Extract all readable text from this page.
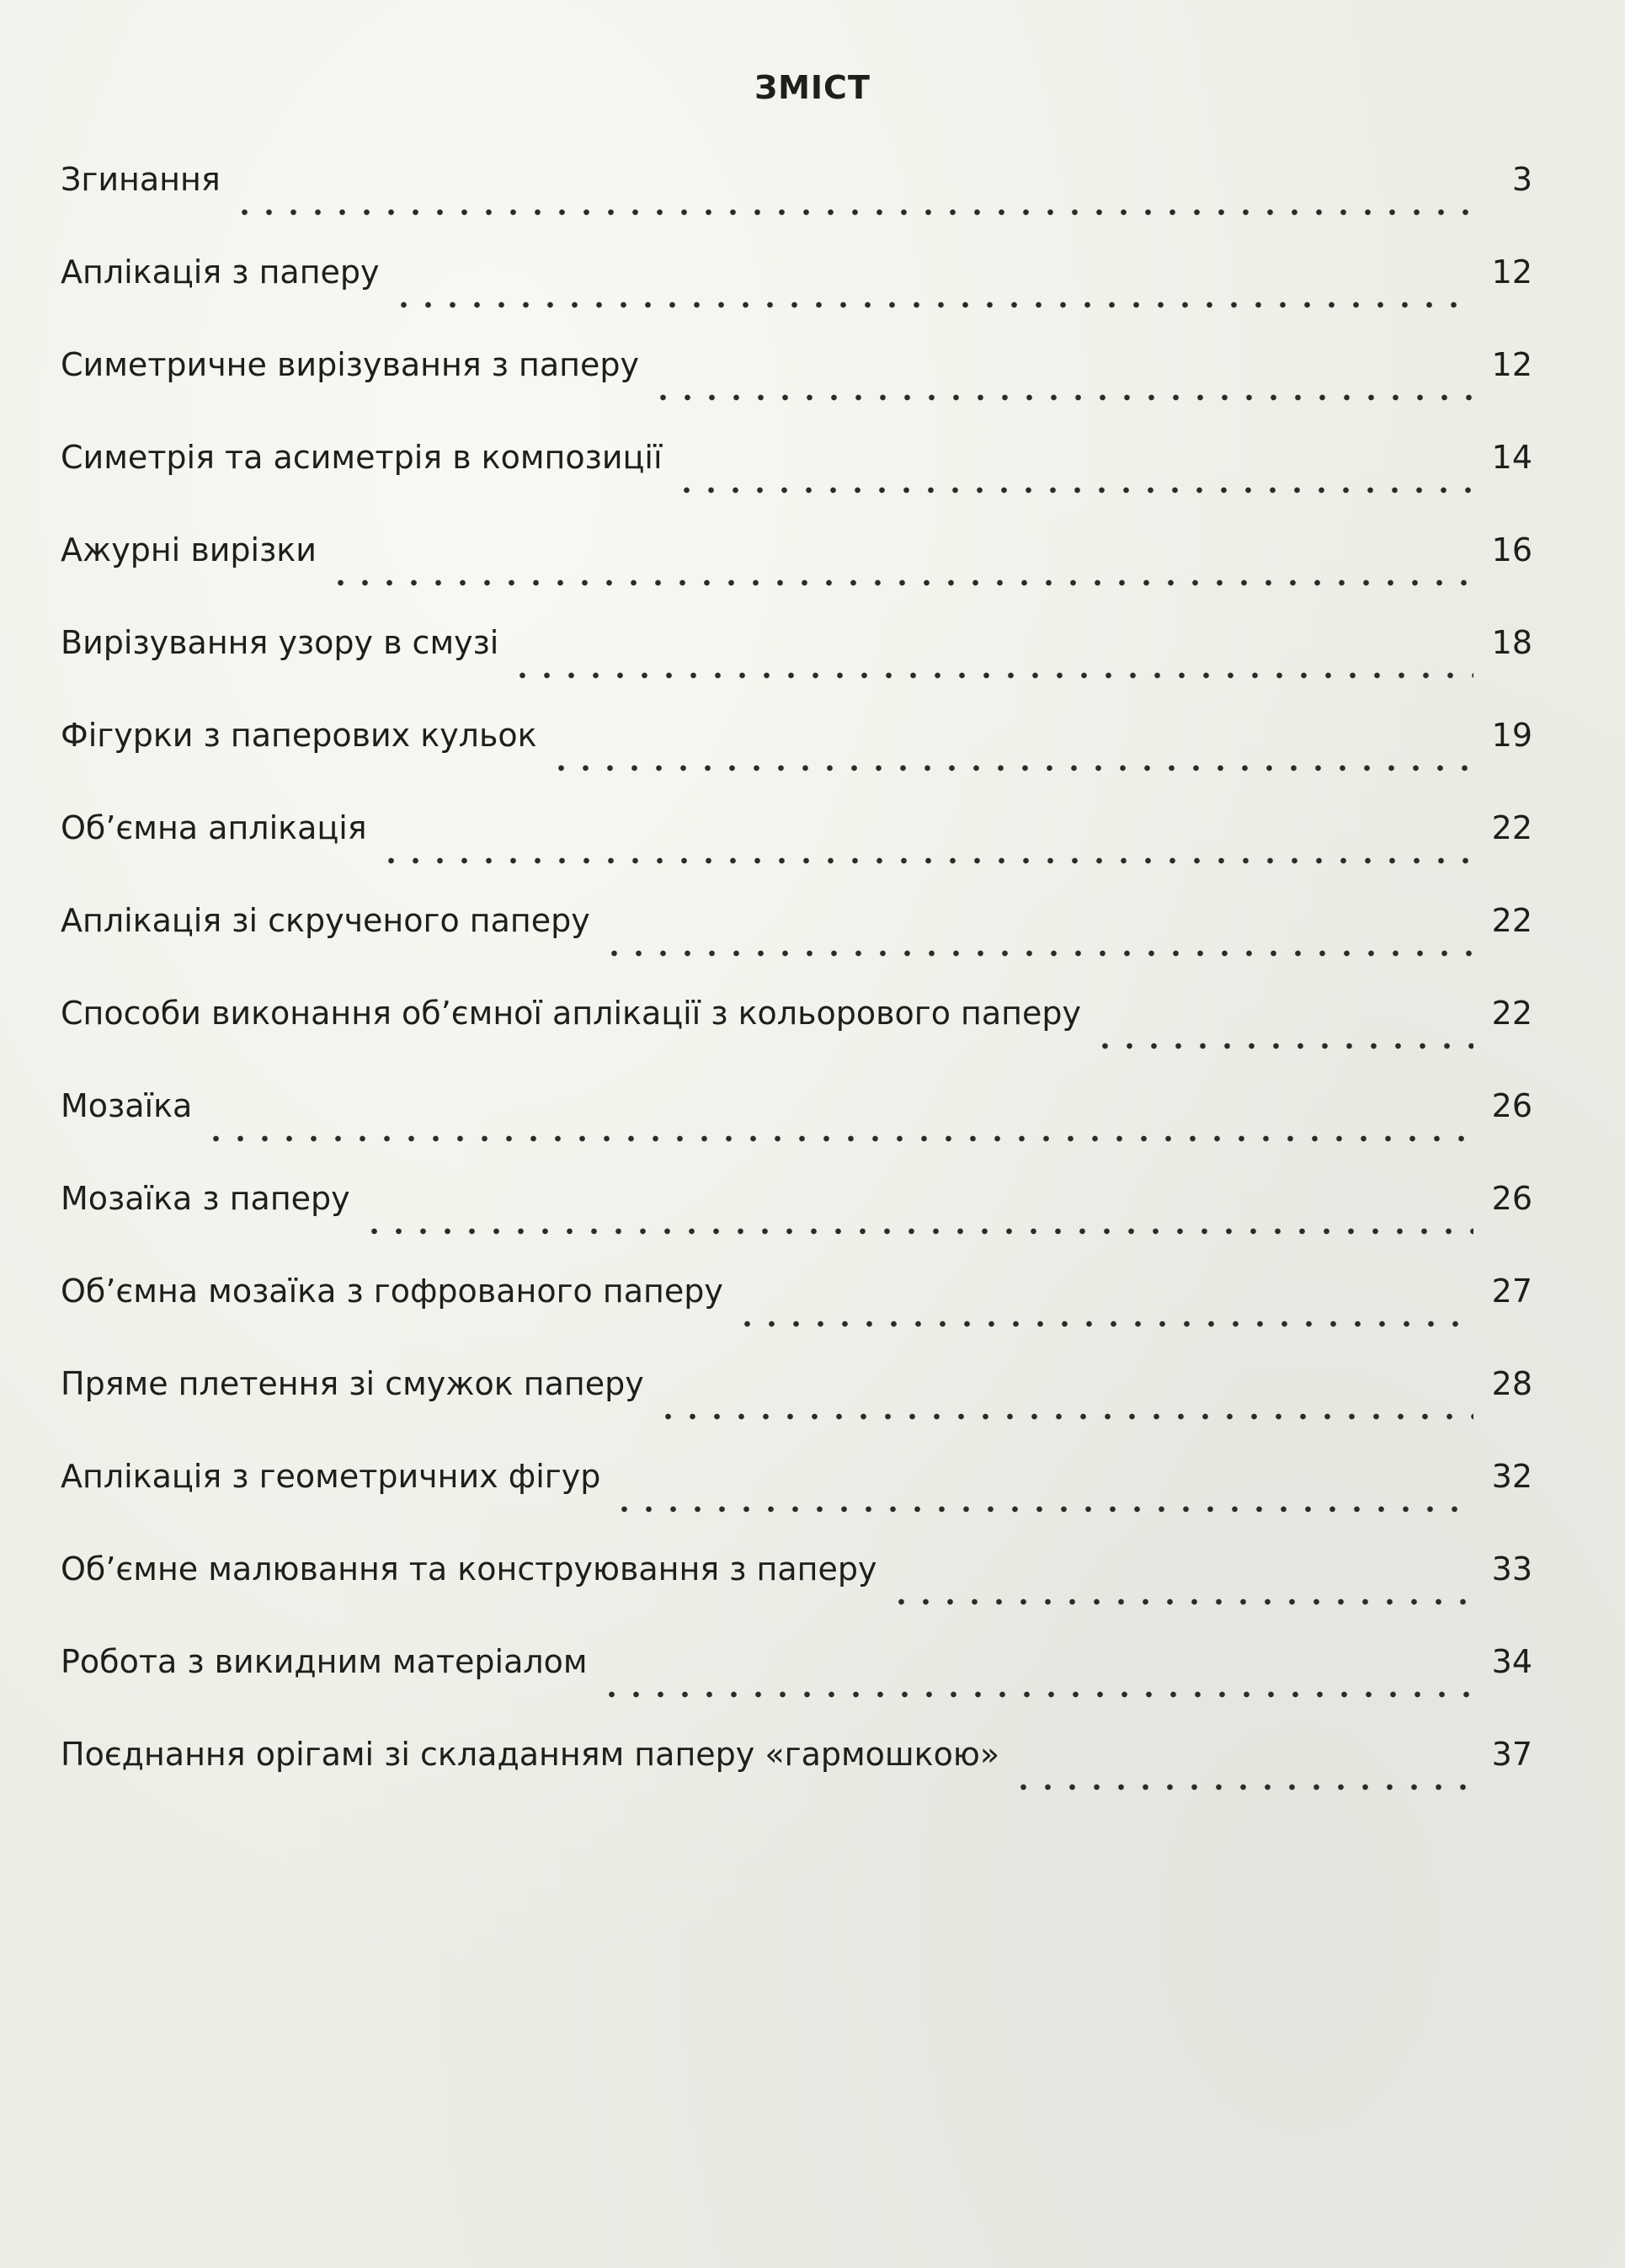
ЗМІСТ
Згинання	3
Аплікація з паперу	12
Симетричне вирізування з паперу	12
Симетрія та асиметрія в композиції	14
Ажурні вирізки	16
Вирізування узору в смузі	18
Фігурки з паперових кульок	19
Об’ємна аплікація	22
Аплікація зі скрученого паперу	22
Способи виконання об’ємної аплікації з кольорового паперу	22
Мозаїка	26
Мозаїка з паперу	26
Об’ємна мозаїка з гофрованого паперу	27
Пряме плетення зі смужок паперу	28
Аплікація з геометричних фігур	32
Об’ємне малювання та конструювання з паперу	33
Робота з викидним матеріалом	34
Поєднання орігамі зі складанням паперу «гармошкою»	37
